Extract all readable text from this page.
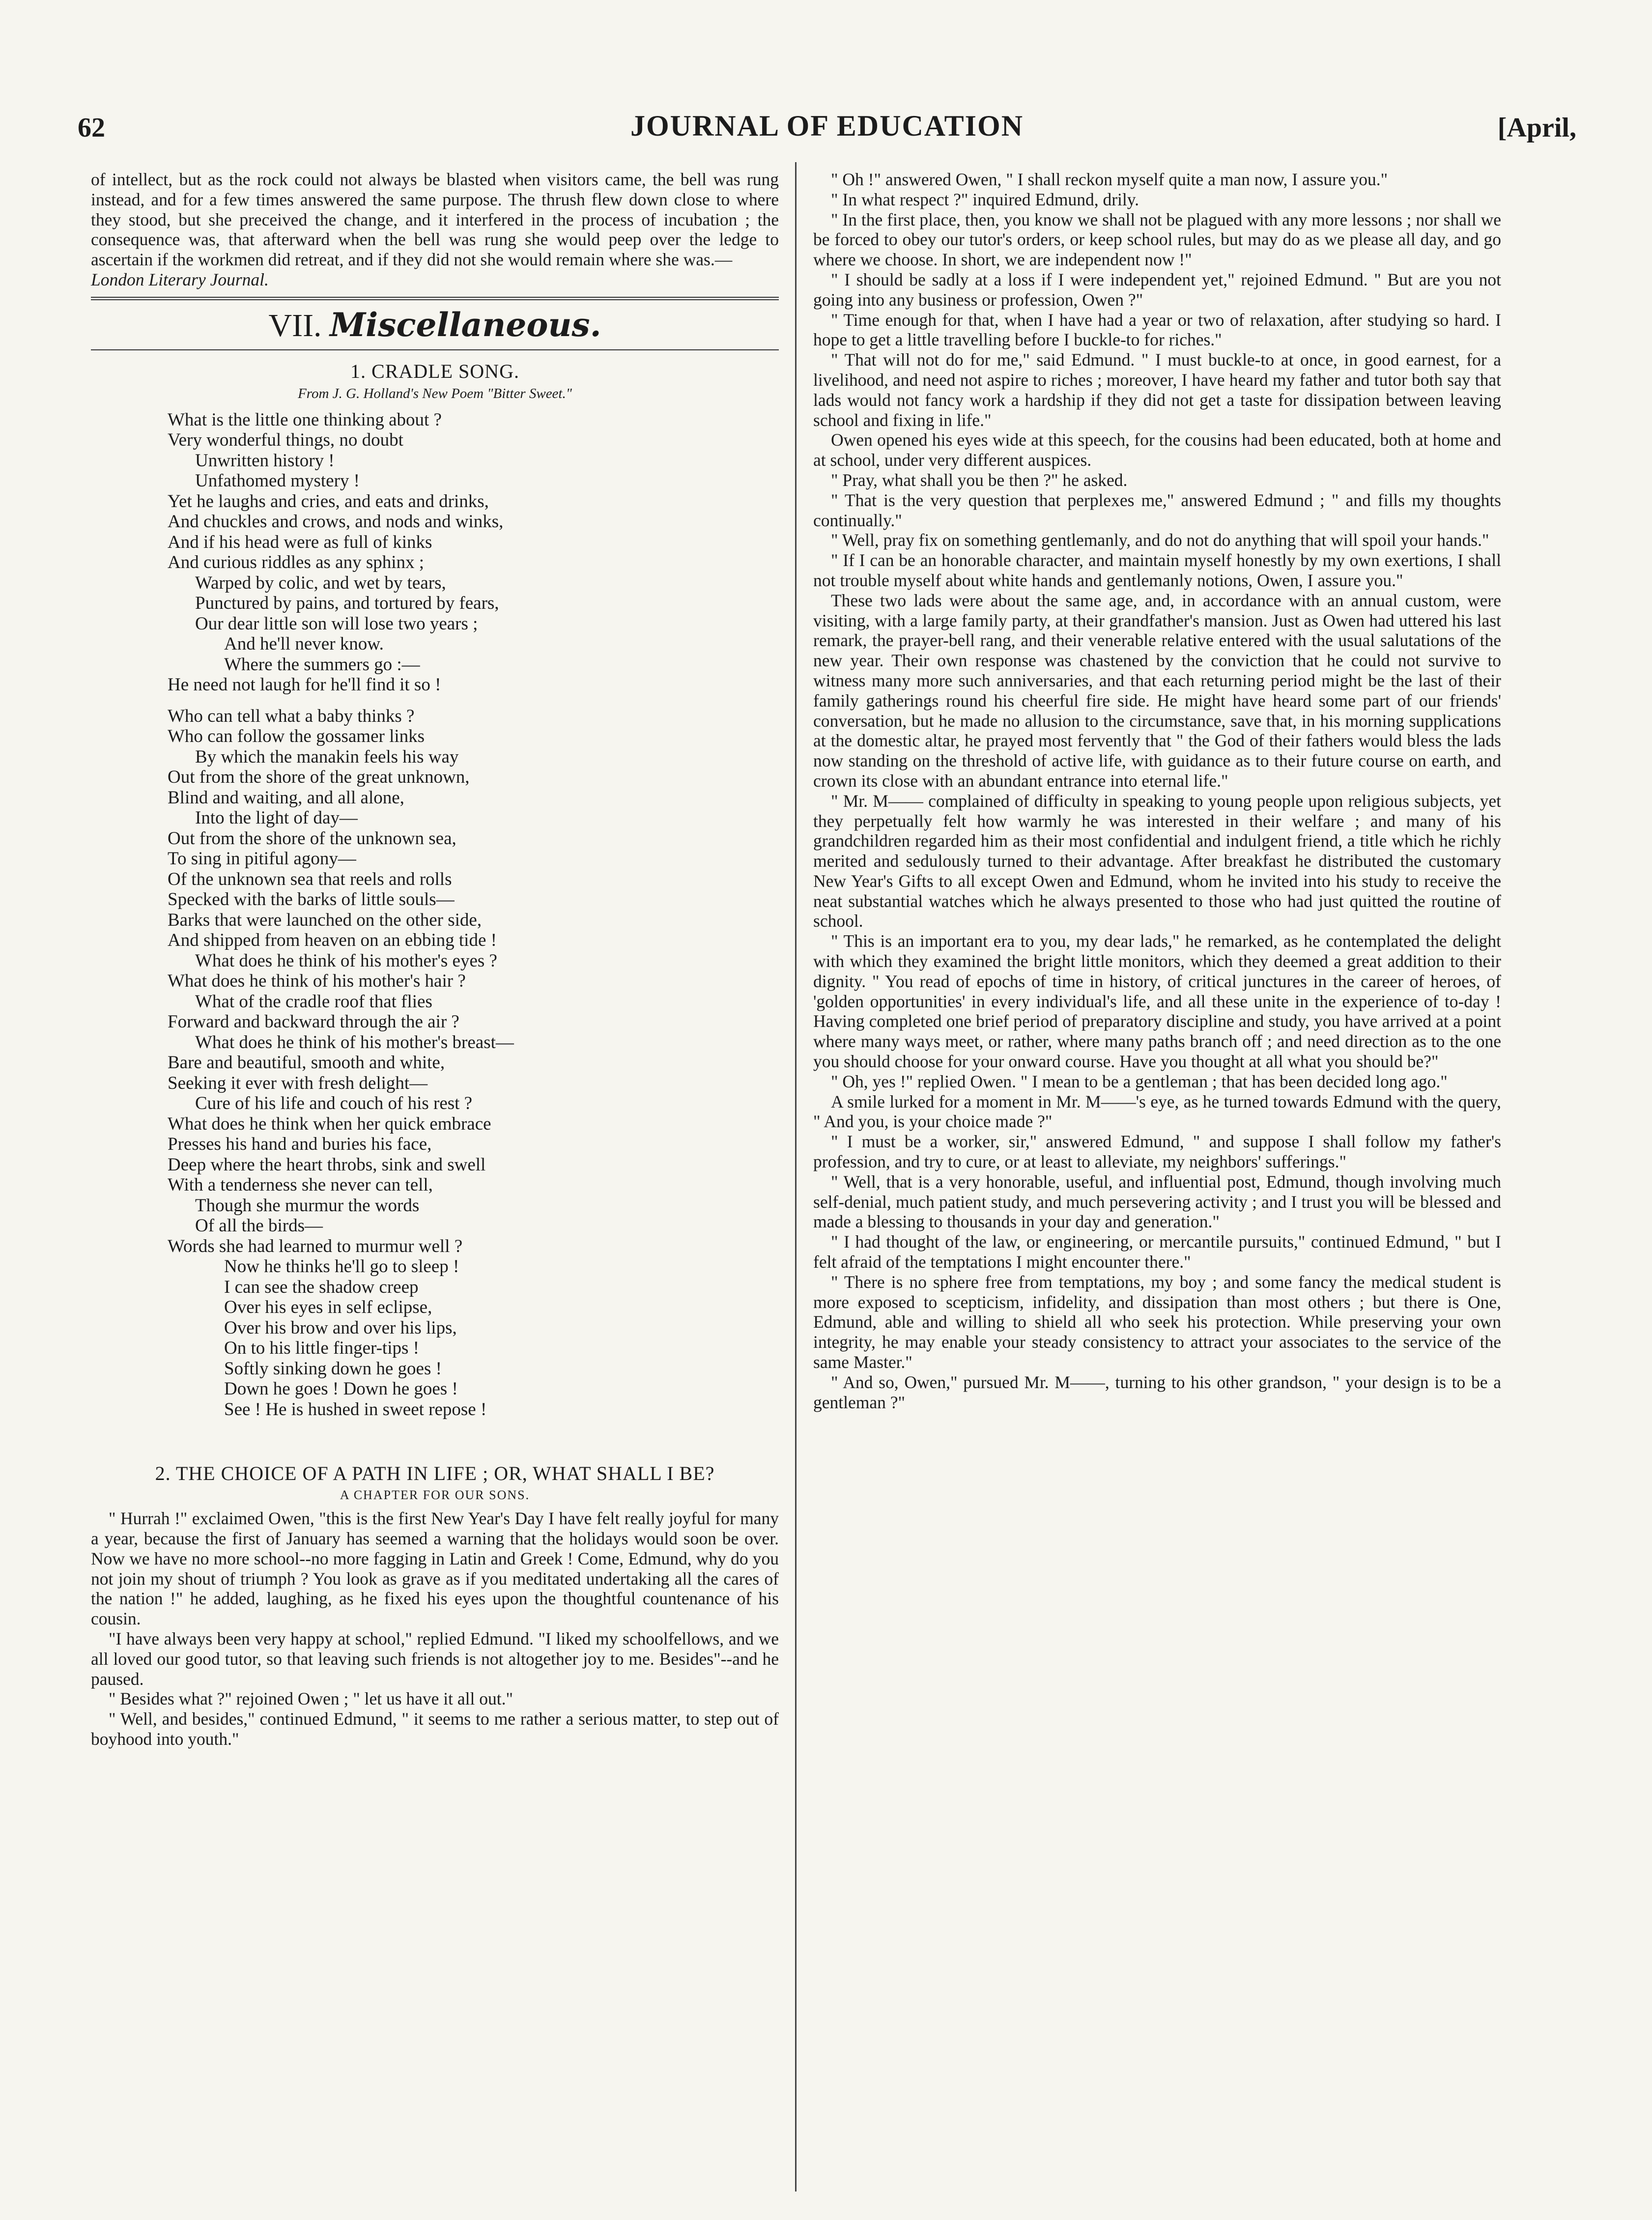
62	JOURNAL OF EDUCATION	[April,

of intellect, but as the rock could not always be blasted when visitors came, the bell was rung instead, and for a few times answered the same purpose. The thrush flew down close to where they stood, but she preceived the change, and it interfered in the process of incubation ; the consequence was, that afterward when the bell was rung she would peep over the ledge to ascertain if the workmen did retreat, and if they did not she would remain where she was.—
London Literary Journal.

VII. Miscellaneous.
1. CRADLE SONG.
From J. G. Holland's New Poem "Bitter Sweet."
What is the little one thinking about ?
Very wonderful things, no doubt
Unwritten history !
Unfathomed mystery !
Yet he laughs and cries, and eats and drinks,
And chuckles and crows, and nods and winks,
And if his head were as full of kinks
And curious riddles as any sphinx ;
Warped by colic, and wet by tears,
Punctured by pains, and tortured by fears,
Our dear little son will lose two years ;
And he'll never know.
Where the summers go :—
He need not laugh for he'll find it so !
Who can tell what a baby thinks ?
Who can follow the gossamer links
By which the manakin feels his way
Out from the shore of the great unknown,
Blind and waiting, and all alone,
Into the light of day—
Out from the shore of the unknown sea,
To sing in pitiful agony—
Of the unknown sea that reels and rolls
Specked with the barks of little souls—
Barks that were launched on the other side,
And shipped from heaven on an ebbing tide !
What does he think of his mother's eyes ?
What does he think of his mother's hair ?
What of the cradle roof that flies
Forward and backward through the air ?
What does he think of his mother's breast—
Bare and beautiful, smooth and white,
Seeking it ever with fresh delight—
Cure of his life and couch of his rest ?
What does he think when her quick embrace
Presses his hand and buries his face,
Deep where the heart throbs, sink and swell
With a tenderness she never can tell,
Though she murmur the words
Of all the birds—
Words she had learned to murmur well ?
Now he thinks he'll go to sleep !
I can see the shadow creep
Over his eyes in self eclipse,
Over his brow and over his lips,
On to his little finger-tips !
Softly sinking down he goes !
Down he goes ! Down he goes !
See ! He is hushed in sweet repose !
2. THE CHOICE OF A PATH IN LIFE ; OR, WHAT SHALL I BE?
A CHAPTER FOR OUR SONS.

" Hurrah !" exclaimed Owen, "this is the first New Year's Day I have felt really joyful for many a year, because the first of January has seemed a warning that the holidays would soon be over. Now we have no more school--no more fagging in Latin and Greek ! Come, Edmund, why do you not join my shout of triumph ? You look as grave as if you meditated undertaking all the cares of the nation !" he added, laughing, as he fixed his eyes upon the thoughtful countenance of his cousin.

"I have always been very happy at school," replied Edmund. "I liked my schoolfellows, and we all loved our good tutor, so that leaving such friends is not altogether joy to me. Besides"--and he paused.

" Besides what ?" rejoined Owen ; " let us have it all out."

" Well, and besides," continued Edmund, " it seems to me rather a serious matter, to step out of boyhood into youth."

" Oh !" answered Owen, " I shall reckon myself quite a man now, I assure you."

" In what respect ?" inquired Edmund, drily.

" In the first place, then, you know we shall not be plagued with any more lessons ; nor shall we be forced to obey our tutor's orders, or keep school rules, but may do as we please all day, and go where we choose. In short, we are independent now !"

" I should be sadly at a loss if I were independent yet," rejoined Edmund. " But are you not going into any business or profession, Owen ?"

" Time enough for that, when I have had a year or two of relaxation, after studying so hard. I hope to get a little travelling before I buckle-to for riches."

" That will not do for me," said Edmund. " I must buckle-to at once, in good earnest, for a livelihood, and need not aspire to riches ; moreover, I have heard my father and tutor both say that lads would not fancy work a hardship if they did not get a taste for dissipation between leaving school and fixing in life."

Owen opened his eyes wide at this speech, for the cousins had been educated, both at home and at school, under very different auspices.

" Pray, what shall you be then ?" he asked.

" That is the very question that perplexes me," answered Edmund ; " and fills my thoughts continually."

" Well, pray fix on something gentlemanly, and do not do anything that will spoil your hands."

" If I can be an honorable character, and maintain myself honestly by my own exertions, I shall not trouble myself about white hands and gentlemanly notions, Owen, I assure you."

These two lads were about the same age, and, in accordance with an annual custom, were visiting, with a large family party, at their grandfather's mansion. Just as Owen had uttered his last remark, the prayer-bell rang, and their venerable relative entered with the usual salutations of the new year. Their own response was chastened by the conviction that he could not survive to witness many more such anniversaries, and that each returning period might be the last of their family gatherings round his cheerful fire side. He might have heard some part of our friends' conversation, but he made no allusion to the circumstance, save that, in his morning supplications at the domestic altar, he prayed most fervently that " the God of their fathers would bless the lads now standing on the threshold of active life, with guidance as to their future course on earth, and crown its close with an abundant entrance into eternal life."

" Mr. M—— complained of difficulty in speaking to young people upon religious subjects, yet they perpetually felt how warmly he was interested in their welfare ; and many of his grandchildren regarded him as their most confidential and indulgent friend, a title which he richly merited and sedulously turned to their advantage. After breakfast he distributed the customary New Year's Gifts to all except Owen and Edmund, whom he invited into his study to receive the neat substantial watches which he always presented to those who had just quitted the routine of school.

" This is an important era to you, my dear lads," he remarked, as he contemplated the delight with which they examined the bright little monitors, which they deemed a great addition to their dignity. " You read of epochs of time in history, of critical junctures in the career of heroes, of 'golden opportunities' in every individual's life, and all these unite in the experience of to-day ! Having completed one brief period of preparatory discipline and study, you have arrived at a point where many ways meet, or rather, where many paths branch off ; and need direction as to the one you should choose for your onward course. Have you thought at all what you should be?"

" Oh, yes !" replied Owen. " I mean to be a gentleman ; that has been decided long ago."

A smile lurked for a moment in Mr. M——'s eye, as he turned towards Edmund with the query, " And you, is your choice made ?"

" I must be a worker, sir," answered Edmund, " and suppose I shall follow my father's profession, and try to cure, or at least to alleviate, my neighbors' sufferings."

" Well, that is a very honorable, useful, and influential post, Edmund, though involving much self-denial, much patient study, and much persevering activity ; and I trust you will be blessed and made a blessing to thousands in your day and generation."

" I had thought of the law, or engineering, or mercantile pursuits," continued Edmund, " but I felt afraid of the temptations I might encounter there."

" There is no sphere free from temptations, my boy ; and some fancy the medical student is more exposed to scepticism, infidelity, and dissipation than most others ; but there is One, Edmund, able and willing to shield all who seek his protection. While preserving your own integrity, he may enable your steady consistency to attract your associates to the service of the same Master."

" And so, Owen," pursued Mr. M——, turning to his other grandson, " your design is to be a gentleman ?"
